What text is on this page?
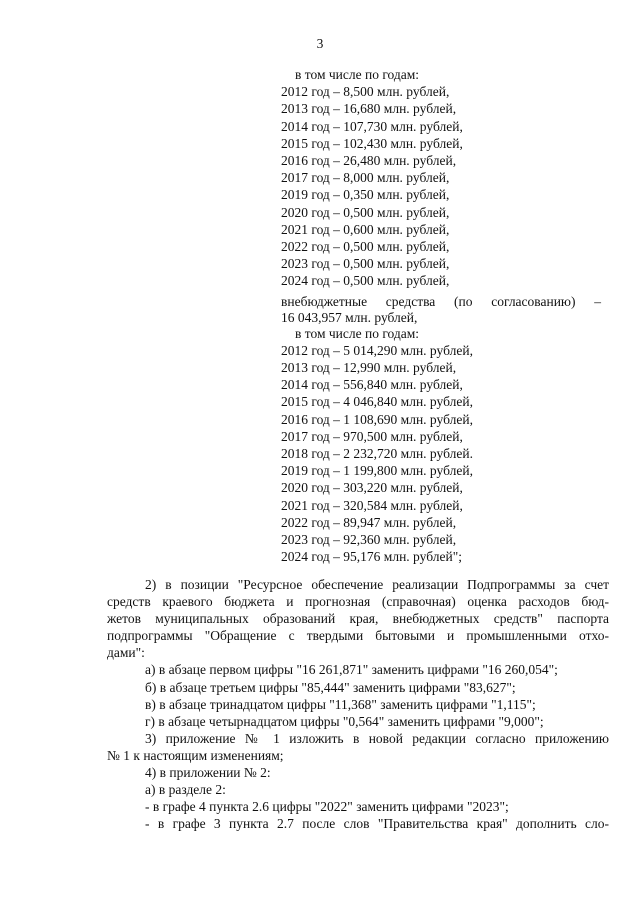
3
в том числе по годам:
2012 год – 8,500 млн. рублей,
2013 год – 16,680 млн. рублей,
2014 год – 107,730 млн. рублей,
2015 год – 102,430 млн. рублей,
2016 год – 26,480 млн. рублей,
2017 год – 8,000 млн. рублей,
2019 год – 0,350 млн. рублей,
2020 год – 0,500 млн. рублей,
2021 год – 0,600 млн. рублей,
2022 год – 0,500 млн. рублей,
2023 год – 0,500 млн. рублей,
2024 год – 0,500 млн. рублей,
внебюджетные средства (по согласованию) –
16 043,957 млн. рублей,
в том числе по годам:
2012 год – 5 014,290 млн. рублей,
2013 год – 12,990 млн. рублей,
2014 год – 556,840 млн. рублей,
2015 год – 4 046,840 млн. рублей,
2016 год – 1 108,690 млн. рублей,
2017 год – 970,500 млн. рублей,
2018 год – 2 232,720 млн. рублей.
2019 год – 1 199,800 млн. рублей,
2020 год – 303,220 млн. рублей,
2021 год – 320,584 млн. рублей,
2022 год – 89,947 млн. рублей,
2023 год – 92,360 млн. рублей,
2024 год – 95,176 млн. рублей";
2) в позиции "Ресурсное обеспечение реализации Подпрограммы за счет
средств краевого бюджета и прогнозная (справочная) оценка расходов бюд-
жетов муниципальных образований края, внебюджетных средств" паспорта
подпрограммы "Обращение с твердыми бытовыми и промышленными отхо-
дами":
а) в абзаце первом цифры "16 261,871" заменить цифрами "16 260,054";
б) в абзаце третьем цифры "85,444" заменить цифрами "83,627";
в) в абзаце тринадцатом цифры "11,368" заменить цифрами "1,115";
г) в абзаце четырнадцатом цифры "0,564" заменить цифрами "9,000";
3) приложение № 1 изложить в новой редакции согласно приложению
№ 1 к настоящим изменениям;
4) в приложении № 2:
а) в разделе 2:
- в графе 4 пункта 2.6 цифры "2022" заменить цифрами "2023";
- в графе 3 пункта 2.7 после слов "Правительства края" дополнить сло-
